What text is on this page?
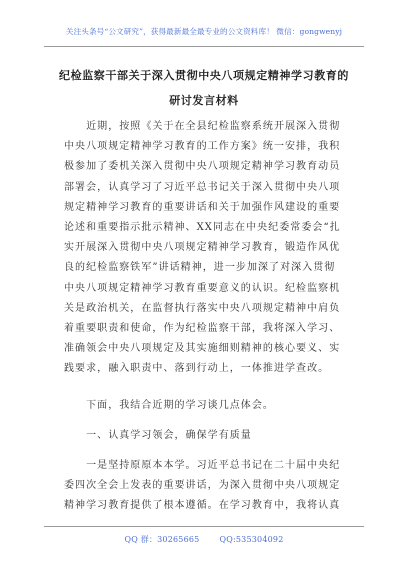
关注头条号“公文研究”，获得最新最全最专业的公文资料库！ 微信：gongwenyj
纪检监察干部关于深入贯彻中央八项规定精神学习教育的
研讨发言材料
　　近期，按照《关于在全县纪检监察系统开展深入贯彻
中央八项规定精神学习教育的工作方案》统一安排，我积
极参加了委机关深入贯彻中央八项规定精神学习教育动员
部署会，认真学习了习近平总书记关于深入贯彻中央八项
规定精神学习教育的重要讲话和关于加强作风建设的重要
论述和重要指示批示精神、XX同志在中央纪委常委会“扎
实开展深入贯彻中央八项规定精神学习教育，锻造作风优
良的纪检监察铁军”讲话精神，进一步加深了对深入贯彻
中央八项规定精神学习教育重要意义的认识。纪检监察机
关是政治机关，在监督执行落实中央八项规定精神中肩负
着重要职责和使命，作为纪检监察干部，我将深入学习、
准确领会中央八项规定及其实施细则精神的核心要义、实
践要求，融入职责中、落到行动上，一体推进学查改。
　　下面，我结合近期的学习谈几点体会。
　　一、认真学习领会，确保学有质量
　　一是坚持原原本本学。习近平总书记在二十届中央纪
委四次全会上发表的重要讲话，为深入贯彻中央八项规定
精神学习教育提供了根本遵循。在学习教育中，我将认真
QQ 群：30265665	QQ:535304092
